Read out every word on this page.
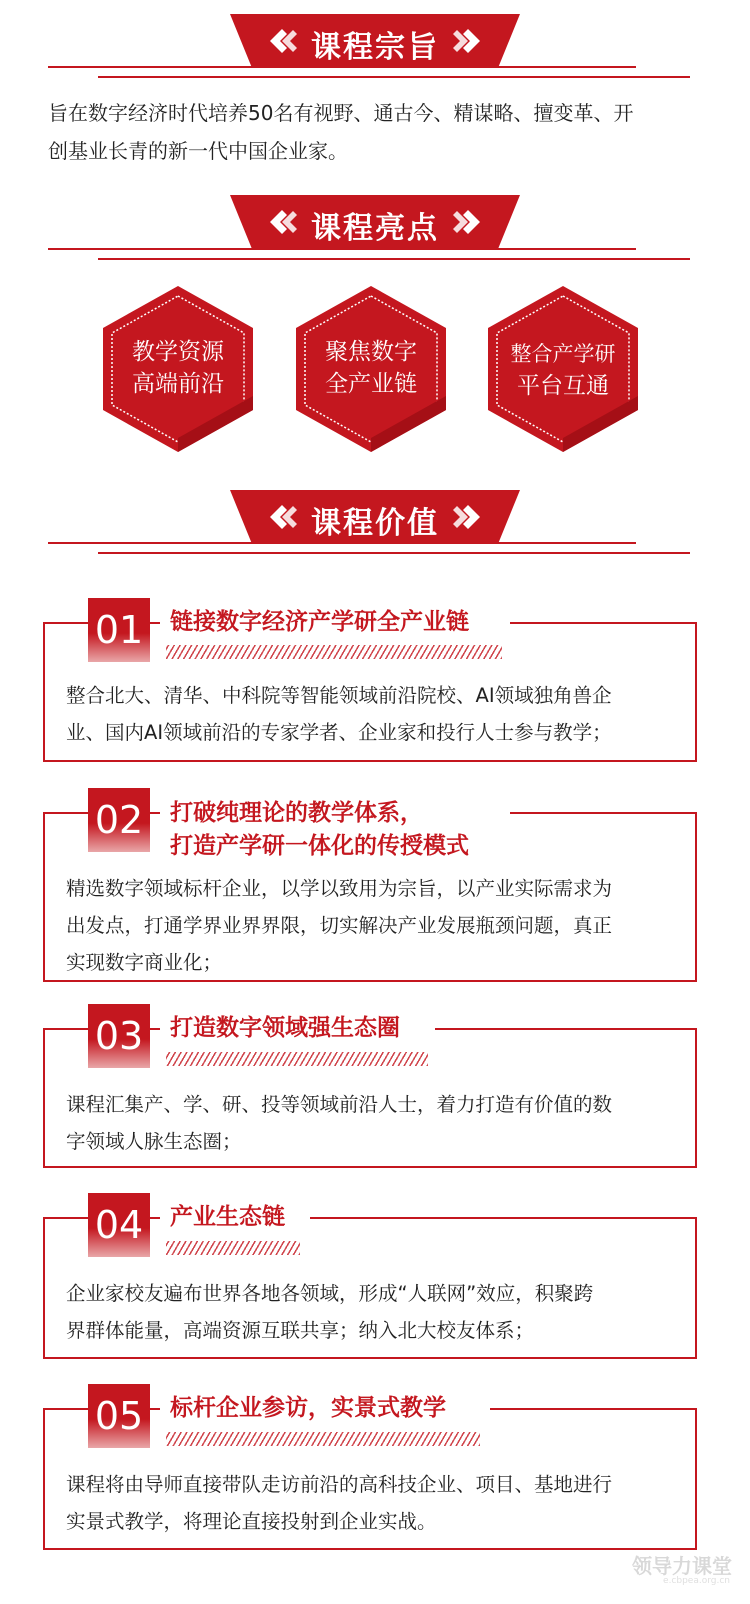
课程宗旨
旨在数字经济时代培养50名有视野、通古今、精谋略、擅变革、开
创基业长青的新一代中国企业家。
课程亮点
教学资源
高端前沿
聚焦数字
全产业链
整合产学研
平台互通
课程价值
01 链接数字经济产学研全产业链
整合北大、清华、中科院等智能领域前沿院校、AI领域独角兽企
业、国内AI领域前沿的专家学者、企业家和投行人士参与教学；
02 打破纯理论的教学体系，
打造产学研一体化的传授模式
精选数字领域标杆企业，以学以致用为宗旨，以产业实际需求为
出发点，打通学界业界界限，切实解决产业发展瓶颈问题，真正
实现数字商业化；
03 打造数字领域强生态圈
课程汇集产、学、研、投等领域前沿人士，着力打造有价值的数
字领域人脉生态圈；
04 产业生态链
企业家校友遍布世界各地各领域，形成“人联网”效应，积聚跨
界群体能量，高端资源互联共享；纳入北大校友体系；
05 标杆企业参访，实景式教学
课程将由导师直接带队走访前沿的高科技企业、项目、基地进行
实景式教学，将理论直接投射到企业实战。
领导力课堂
e.cbpea.org.cn
